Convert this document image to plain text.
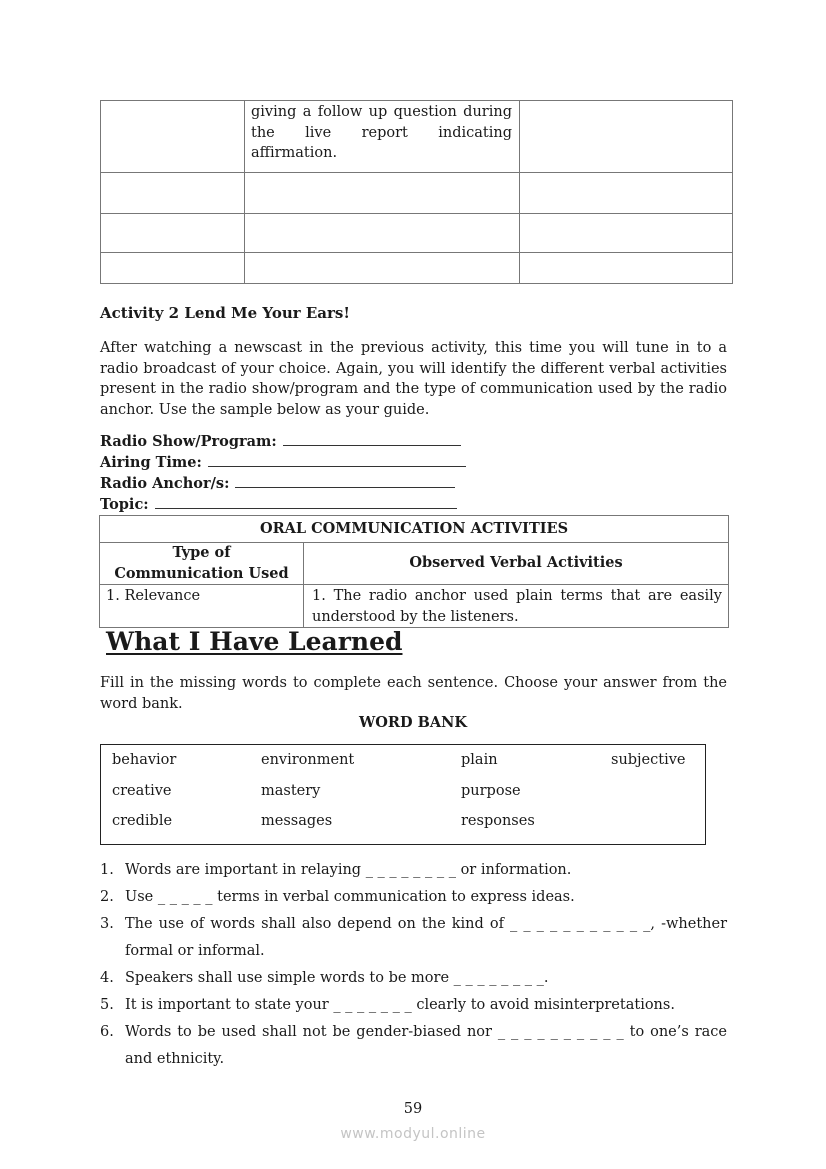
	giving a follow up question during
the live report indicating
affirmation.	

Activity 2 Lend Me Your Ears!

After watching a newscast in the previous activity, this time you will tune in to a radio broadcast of your choice. Again, you will identify the different verbal activities present in the radio show/program and the type of communication used by the radio anchor. Use the sample below as your guide.

Radio Show/Program:
Airing Time:
Radio Anchor/s:
Topic:
ORAL COMMUNICATION ACTIVITIES	

Type of
Communication Used	Observed Verbal Activities
1. Relevance	1. The radio anchor used plain terms that are easily understood by the listeners.
What I Have Learned

Fill in the missing words to complete each sentence. Choose your answer from the word bank.

WORD BANK
behavior	environment	plain	subjective
creative	mastery	purpose
credible	messages	responses
1. Words are important in relaying _ _ _ _ _ _ _ _ or information.
2. Use _ _ _ _ _ terms in verbal communication to express ideas.
3. The use of words shall also depend on the kind of _ _ _ _ _ _ _ _ _ _ _, -whether formal or informal.
4. Speakers shall use simple words to be more _ _ _ _ _ _ _ _.
5. It is important to state your _ _ _ _ _ _ _ clearly to avoid misinterpretations.
6. Words to be used shall not be gender-biased nor _ _ _ _ _ _ _ _ _ _ to one’s race and ethnicity.
59
www.modyul.online
